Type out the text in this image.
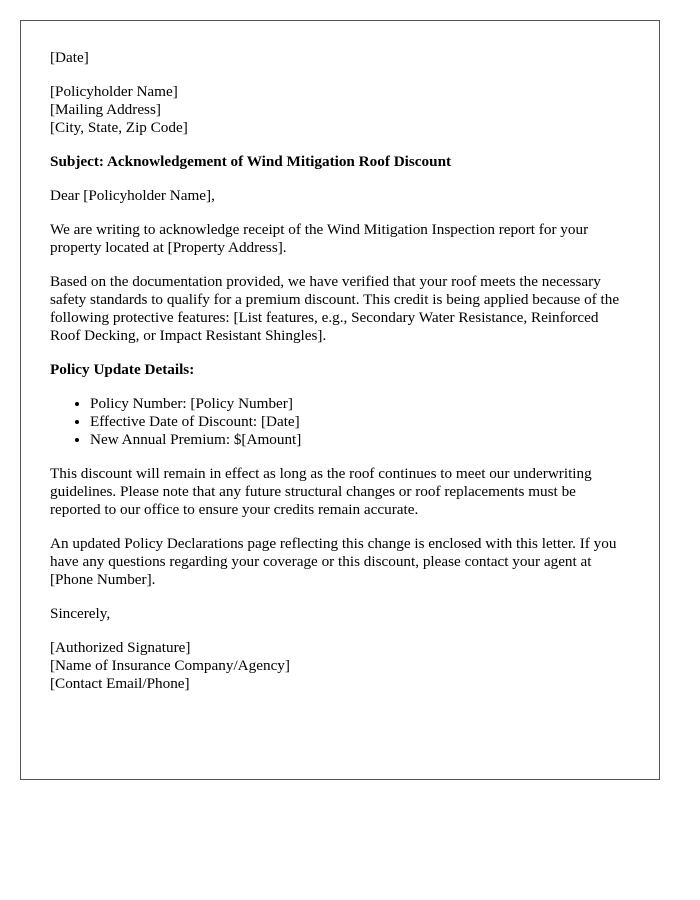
[Date]

[Policyholder Name]
[Mailing Address]
[City, State, Zip Code]

Subject: Acknowledgement of Wind Mitigation Roof Discount

Dear [Policyholder Name],

We are writing to acknowledge receipt of the Wind Mitigation Inspection report for your property located at [Property Address].

Based on the documentation provided, we have verified that your roof meets the necessary safety standards to qualify for a premium discount. This credit is being applied because of the following protective features: [List features, e.g., Secondary Water Resistance, Reinforced Roof Decking, or Impact Resistant Shingles].

Policy Update Details:

• Policy Number: [Policy Number]
• Effective Date of Discount: [Date]
• New Annual Premium: $[Amount]

This discount will remain in effect as long as the roof continues to meet our underwriting guidelines. Please note that any future structural changes or roof replacements must be reported to our office to ensure your credits remain accurate.

An updated Policy Declarations page reflecting this change is enclosed with this letter. If you have any questions regarding your coverage or this discount, please contact your agent at [Phone Number].

Sincerely,

[Authorized Signature]
[Name of Insurance Company/Agency]
[Contact Email/Phone]
